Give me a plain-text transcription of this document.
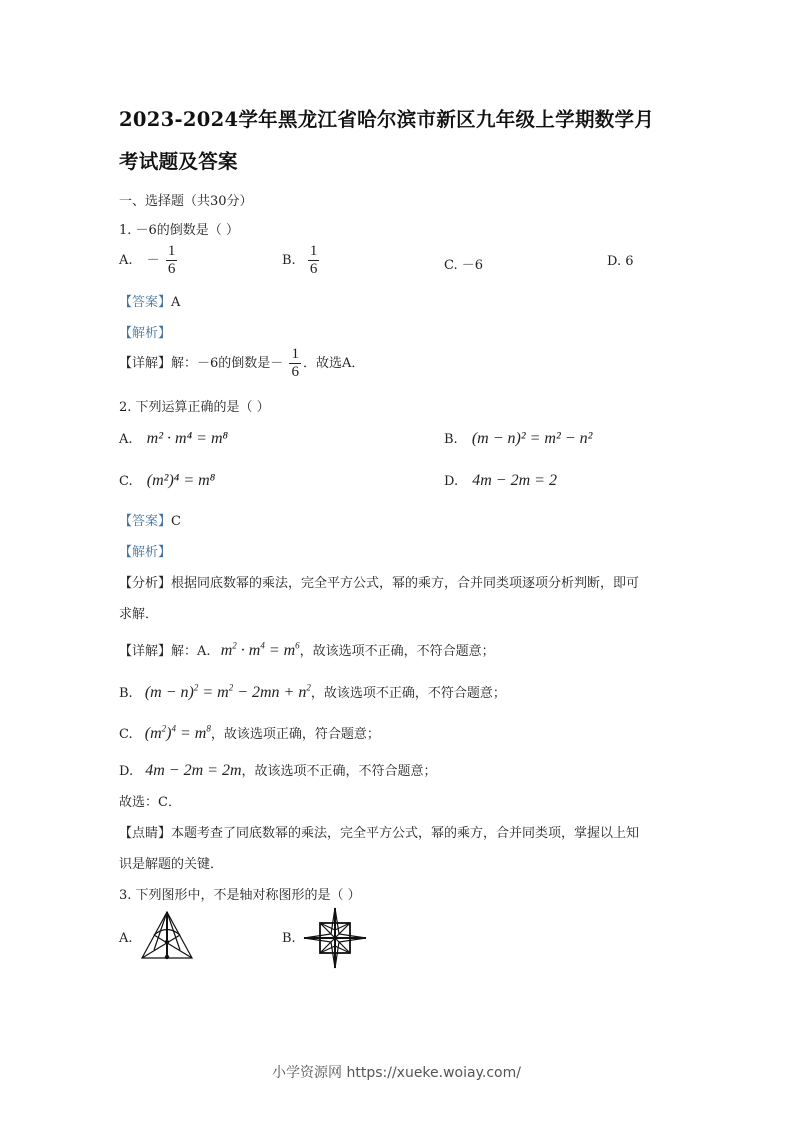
2023-2024学年黑龙江省哈尔滨市新区九年级上学期数学月
考试题及答案
一、选择题（共30分）
1. －6的倒数是（ ）
A. － $\frac{1}{6}$	B. $\frac{1}{6}$	C. －6	D. 6
【答案】A
【解析】
【详解】解：－6的倒数是－ $\frac{1}{6}$ ．故选A．
2. 下列运算正确的是（ ）
A. m² · m⁴ = m⁸	B. (m − n)² = m² − n²
C. (m²)⁴ = m⁸	D. 4m − 2m = 2
【答案】C
【解析】
【分析】根据同底数幂的乘法，完全平方公式，幂的乘方，合并同类项逐项分析判断，即可
求解．
【详解】解：A. $m^2 \cdot m^4 = m^6$，故该选项不正确，不符合题意；
B. $(m - n)^2 = m^2 - 2mn + n^2$，故该选项不正确，不符合题意；
C. $(m^2)^4 = m^8$，故该选项正确，符合题意；
D. 4m − 2m = 2m，故该选项不正确，不符合题意；
故选：C．
【点睛】本题考查了同底数幂的乘法，完全平方公式，幂的乘方，合并同类项，掌握以上知
识是解题的关键．
3. 下列图形中，不是轴对称图形的是（ ）
A.	B.
小学资源网 https://xueke.woiay.com/
